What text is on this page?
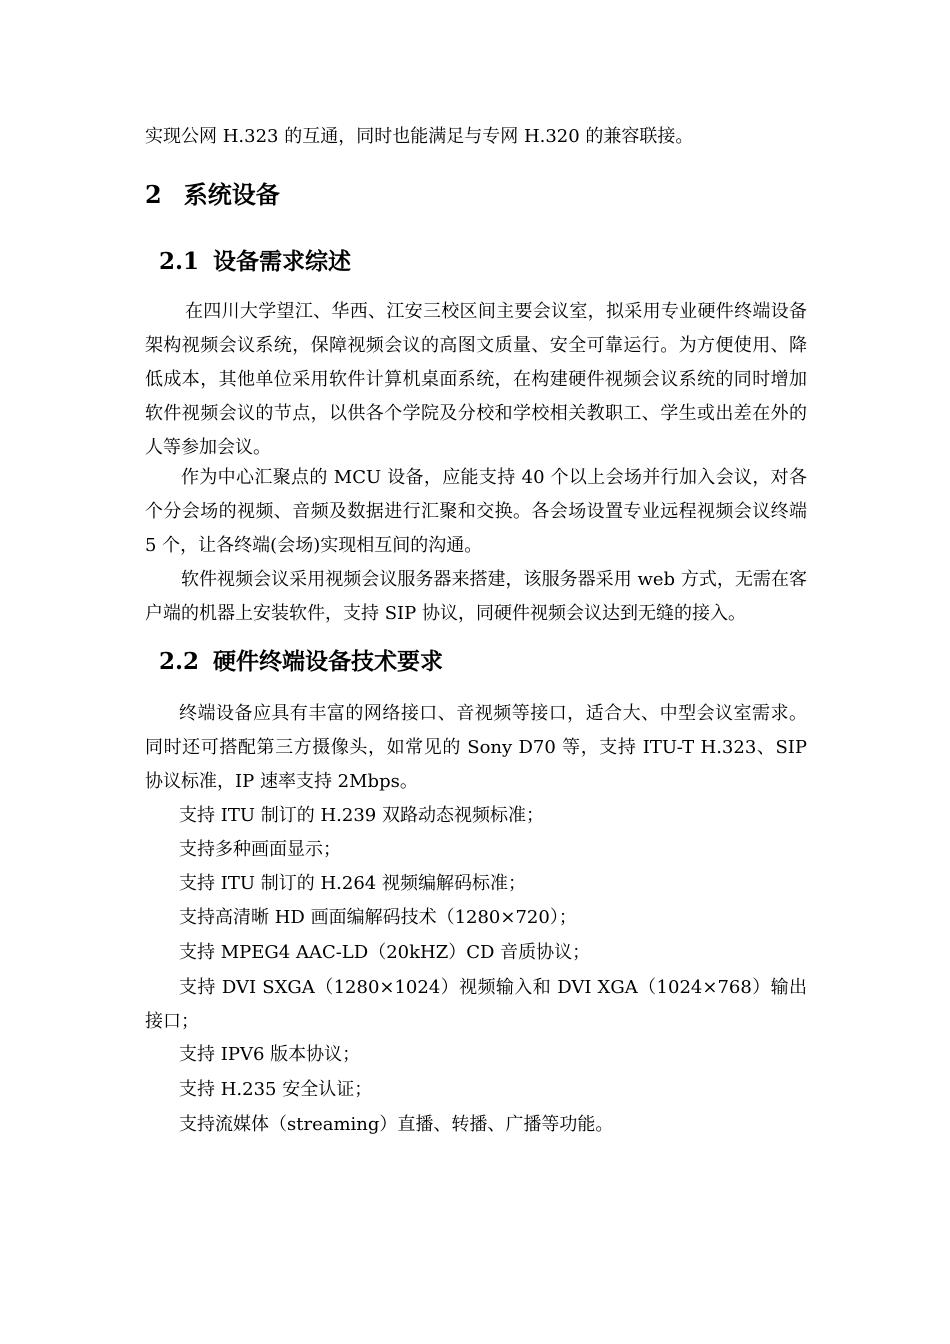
实现公网 H.323 的互通，同时也能满足与专网 H.320 的兼容联接。
2 系统设备
2.1 设备需求综述

在四川大学望江、华西、江安三校区间主要会议室，拟采用专业硬件终端设备架构视频会议系统，保障视频会议的高图文质量、安全可靠运行。为方便使用、降低成本，其他单位采用软件计算机桌面系统，在构建硬件视频会议系统的同时增加软件视频会议的节点，以供各个学院及分校和学校相关教职工、学生或出差在外的人等参加会议。

作为中心汇聚点的 MCU 设备，应能支持 40 个以上会场并行加入会议，对各个分会场的视频、音频及数据进行汇聚和交换。各会场设置专业远程视频会议终端 5 个，让各终端(会场)实现相互间的沟通。

软件视频会议采用视频会议服务器来搭建，该服务器采用 web 方式，无需在客户端的机器上安装软件，支持 SIP 协议，同硬件视频会议达到无缝的接入。

2.2 硬件终端设备技术要求

终端设备应具有丰富的网络接口、音视频等接口，适合大、中型会议室需求。同时还可搭配第三方摄像头，如常见的 Sony D70 等，支持 ITU-T H.323、SIP 协议标准，IP 速率支持 2Mbps。

支持 ITU 制订的 H.239 双路动态视频标准；

支持多种画面显示；

支持 ITU 制订的 H.264 视频编解码标准；

支持高清晰 HD 画面编解码技术（1280×720）；

支持 MPEG4 AAC-LD（20kHZ）CD 音质协议；

支持 DVI SXGA（1280×1024）视频输入和 DVI XGA（1024×768）输出接口；

支持 IPV6 版本协议；

支持 H.235 安全认证；

支持流媒体（streaming）直播、转播、广播等功能。
